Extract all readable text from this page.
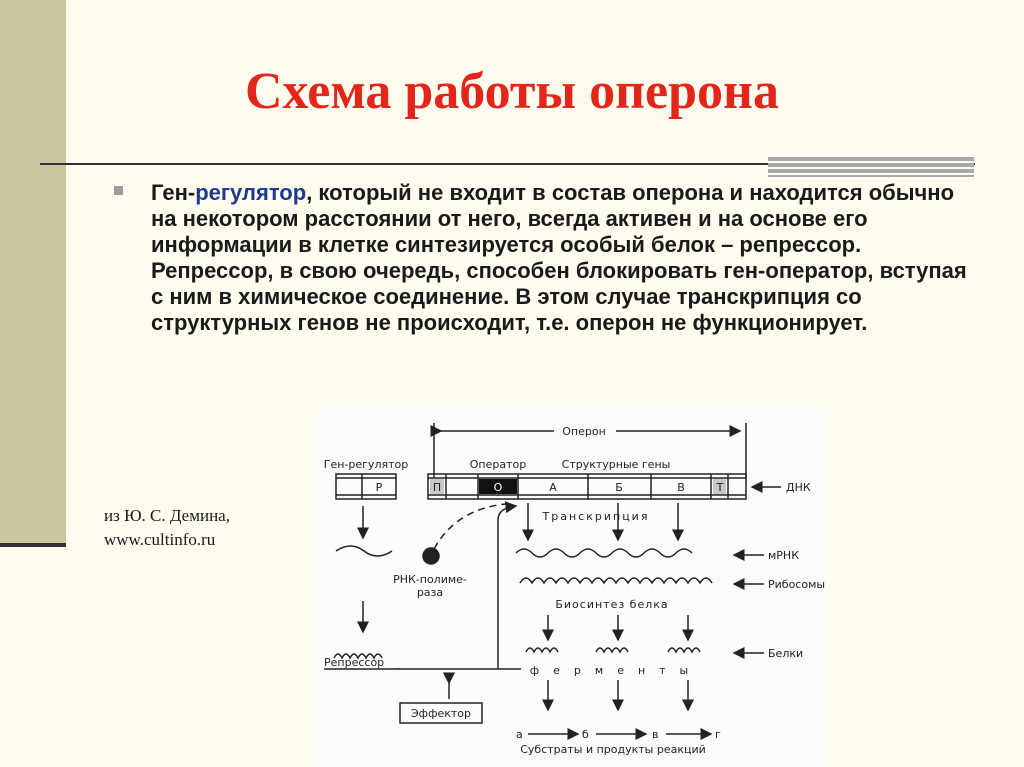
Схема работы оперона

Ген-регулятор, который не входит в состав оперона и находится обычно на некотором расстоянии от него, всегда активен и на основе его информации в клетке синтезируется особый белок – репрессор. Репрессор, в свою очередь, способен блокировать ген-оператор, вступая с ним в химическое соединение. В этом случае транскрипция со структурных генов не происходит, т.е. оперон не функционирует.

из Ю. С. Демина,
www.cultinfo.ru
Оперон
Ген-регулятор	Оператор	Структурные гены
Р	П	О	А	Б	В	Т	ДНК
Транскрипция
мРНК
Рибосомы
РНК-полиме-
раза
Биосинтез белка
Белки
ферменты
Репрессор
Эффектор
а	б	в	г
Субстраты и продукты реакций
